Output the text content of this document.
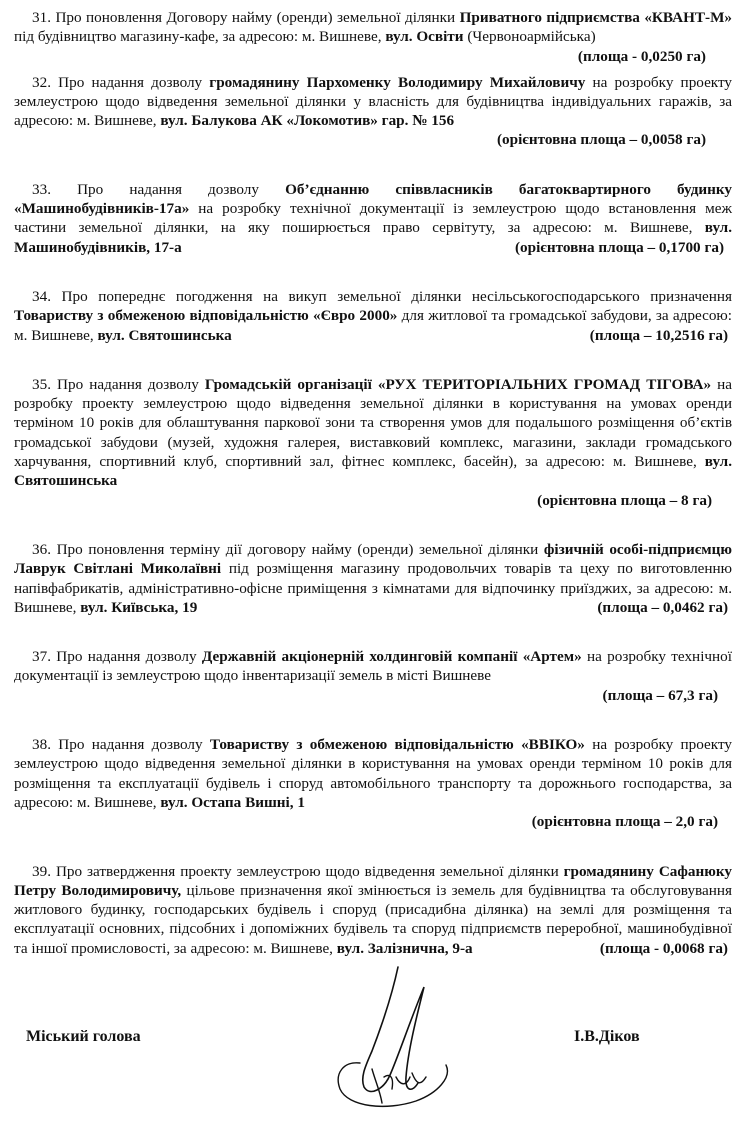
31. Про поновлення Договору найму (оренди) земельної ділянки Приватного підприємства «КВАНТ-М» під будівництво магазину-кафе, за адресою: м. Вишневе, вул. Освіти (Червоноармійська)
(площа - 0,0250 га)

32. Про надання дозволу громадянину Пархоменку Володимиру Михайловичу на розробку проекту землеустрою щодо відведення земельної ділянки у власність для будівництва індивідуальних гаражів, за адресою: м. Вишневе, вул. Балукова АК «Локомотив» гар. № 156

(орієнтовна площа – 0,0058 га)

33. Про надання дозволу Об’єднанню співвласників багатоквартирного будинку «Машинобудівників-17а» на розробку технічної документації із землеустрою щодо встановлення меж частини земельної ділянки, на яку поширюється право сервітуту, за адресою: м. Вишневе, вул. Машинобудівників, 17-а	(орієнтовна площа – 0,1700 га)

34. Про попереднє погодження на викуп земельної ділянки несільськогосподарського призначення Товариству з обмеженою відповідальністю «Євро 2000» для житлової та громадської забудови, за адресою: м. Вишневе, вул. Святошинська	(площа – 10,2516 га)

35. Про надання дозволу Громадській організації «РУХ ТЕРИТОРІАЛЬНИХ ГРОМАД ТІГОВА» на розробку проекту землеустрою щодо відведення земельної ділянки в користування на умовах оренди терміном 10 років для облаштування паркової зони та створення умов для подальшого розміщення об’єктів громадської забудови (музей, художня галерея, виставковий комплекс, магазини, заклади громадського харчування, спортивний клуб, спортивний зал, фітнес комплекс, басейн), за адресою: м. Вишневе, вул. Святошинська

(орієнтовна площа – 8 га)

36. Про поновлення терміну дії договору найму (оренди) земельної ділянки фізичній особі-підприємцю Лаврук Світлані Миколаївні під розміщення магазину продовольчих товарів та цеху по виготовленню напівфабрикатів, адміністративно-офісне приміщення з кімнатами для відпочинку приїзджих, за адресою: м. Вишневе, вул. Київська, 19	(площа – 0,0462 га)

37. Про надання дозволу Державній акціонерній холдинговій компанії «Артем» на розробку технічної документації із землеустрою щодо інвентаризації земель в місті Вишневе

(площа – 67,3 га)

38. Про надання дозволу Товариству з обмеженою відповідальністю «ВВІКО» на розробку проекту землеустрою щодо відведення земельної ділянки в користування на умовах оренди терміном 10 років для розміщення та експлуатації будівель і споруд автомобільного транспорту та дорожнього господарства, за адресою: м. Вишневе, вул. Остапа Вишні, 1

(орієнтовна площа – 2,0 га)

39. Про затвердження проекту землеустрою щодо відведення земельної ділянки громадянину Сафанюку Петру Володимировичу, цільове призначення якої змінюється із земель для будівництва та обслуговування житлового будинку, господарських будівель і споруд (присадибна ділянка) на землі для розміщення та експлуатації основних, підсобних і допоміжних будівель та споруд підприємств переробної, машинобудівної та іншої промисловості, за адресою: м. Вишневе, вул. Залізнична, 9-а	(площа - 0,0068 га)

Міський голова	І.В.Діков
